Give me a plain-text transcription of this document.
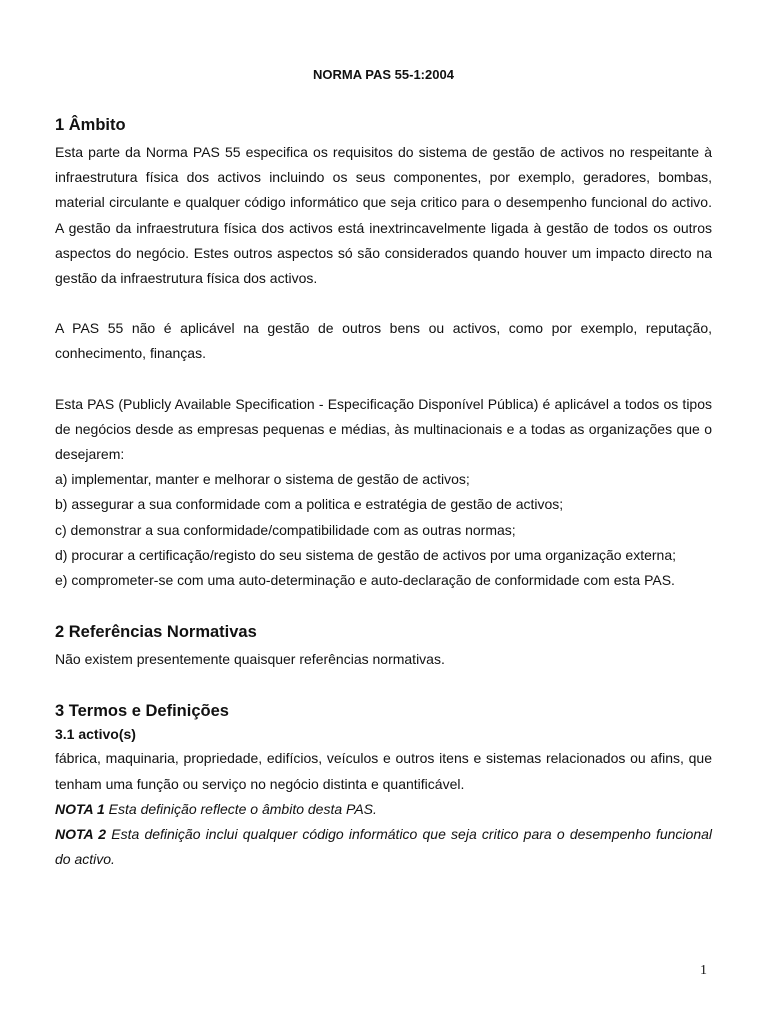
NORMA PAS 55-1:2004
1 Âmbito

Esta parte da Norma PAS 55 especifica os requisitos do sistema de gestão de activos no respeitante à infraestrutura física dos activos incluindo os seus componentes, por exemplo, geradores, bombas, material circulante e qualquer código informático que seja critico para o desempenho funcional do activo. A gestão da infraestrutura física dos activos está inextrincavelmente ligada à gestão de todos os outros aspectos do negócio. Estes outros aspectos só são considerados quando houver um impacto directo na gestão da infraestrutura física dos activos.

A PAS 55 não é aplicável na gestão de outros bens ou activos, como por exemplo, reputação, conhecimento, finanças.

Esta PAS (Publicly Available Specification - Especificação Disponível Pública) é aplicável a todos os tipos de negócios desde as empresas pequenas e médias, às multinacionais e a todas as organizações que o desejarem:

a) implementar, manter e melhorar o sistema de gestão de activos;

b) assegurar a sua conformidade com a politica e estratégia de gestão de activos;

c) demonstrar a sua conformidade/compatibilidade com as outras normas;

d) procurar a certificação/registo do seu sistema de gestão de activos por uma organização externa;

e) comprometer-se com uma auto-determinação e auto-declaração de conformidade com esta PAS.

2 Referências Normativas

Não existem presentemente quaisquer referências normativas.

3 Termos e Definições
3.1 activo(s)

fábrica, maquinaria, propriedade, edifícios, veículos e outros itens e sistemas relacionados ou afins, que tenham uma função ou serviço no negócio distinta e quantificável.

NOTA 1 Esta definição reflecte o âmbito desta PAS.

NOTA 2 Esta definição inclui qualquer código informático que seja critico para o desempenho funcional do activo.

1
